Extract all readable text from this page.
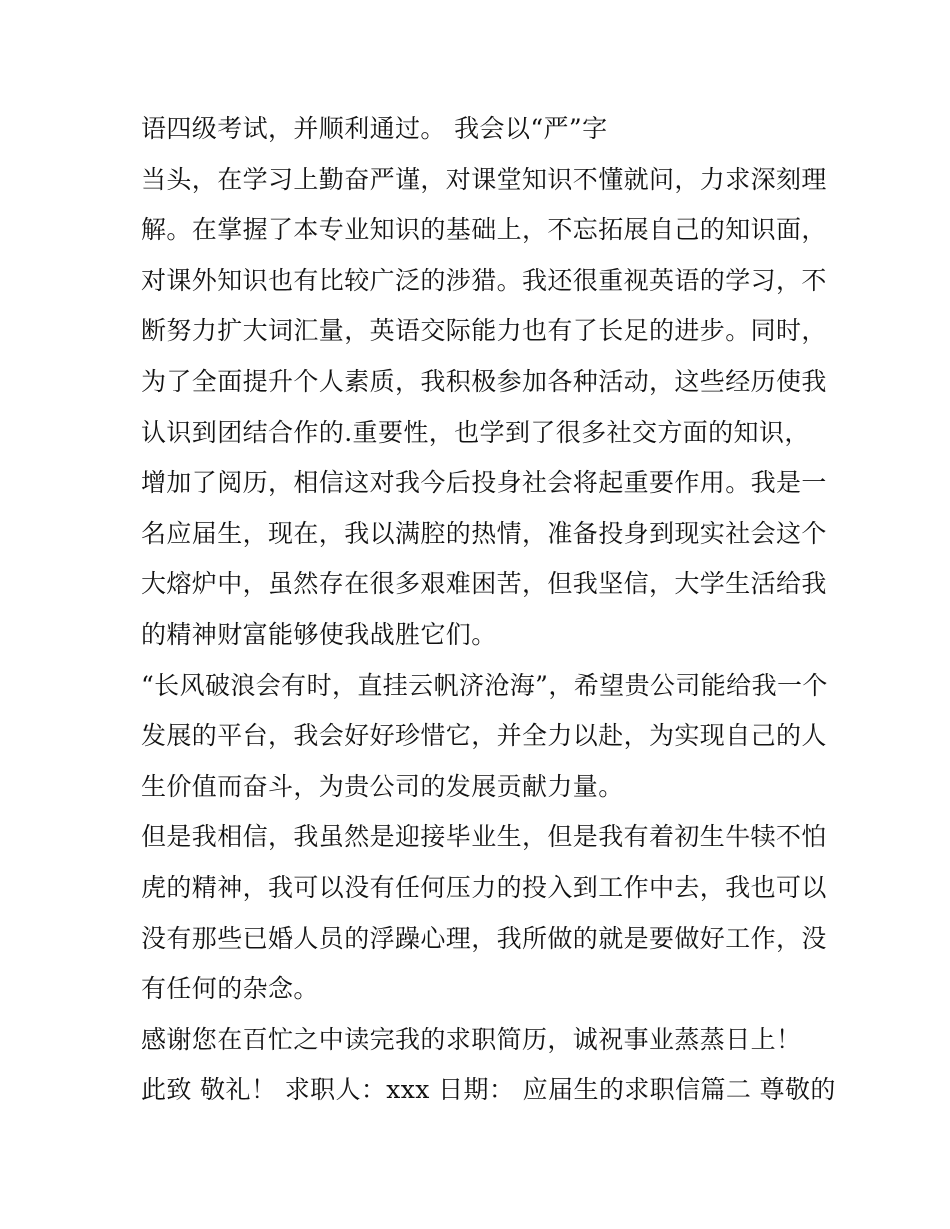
语四级考试，并顺利通过。 我会以“严”字
当头，在学习上勤奋严谨，对课堂知识不懂就问，力求深刻理
解。在掌握了本专业知识的基础上，不忘拓展自己的知识面，
对课外知识也有比较广泛的涉猎。我还很重视英语的学习，不
断努力扩大词汇量，英语交际能力也有了长足的进步。同时，
为了全面提升个人素质，我积极参加各种活动，这些经历使我
认识到团结合作的.重要性，也学到了很多社交方面的知识，
增加了阅历，相信这对我今后投身社会将起重要作用。我是一
名应届生，现在，我以满腔的热情，准备投身到现实社会这个
大熔炉中，虽然存在很多艰难困苦，但我坚信，大学生活给我
的精神财富能够使我战胜它们。
“长风破浪会有时，直挂云帆济沧海”，希望贵公司能给我一个
发展的平台，我会好好珍惜它，并全力以赴，为实现自己的人
生价值而奋斗，为贵公司的发展贡献力量。
但是我相信，我虽然是迎接毕业生，但是我有着初生牛犊不怕
虎的精神，我可以没有任何压力的投入到工作中去，我也可以
没有那些已婚人员的浮躁心理，我所做的就是要做好工作，没
有任何的杂念。
感谢您在百忙之中读完我的求职简历，诚祝事业蒸蒸日上！
此致 敬礼！ 求职人：xxx 日期： 应届生的求职信篇二 尊敬的
